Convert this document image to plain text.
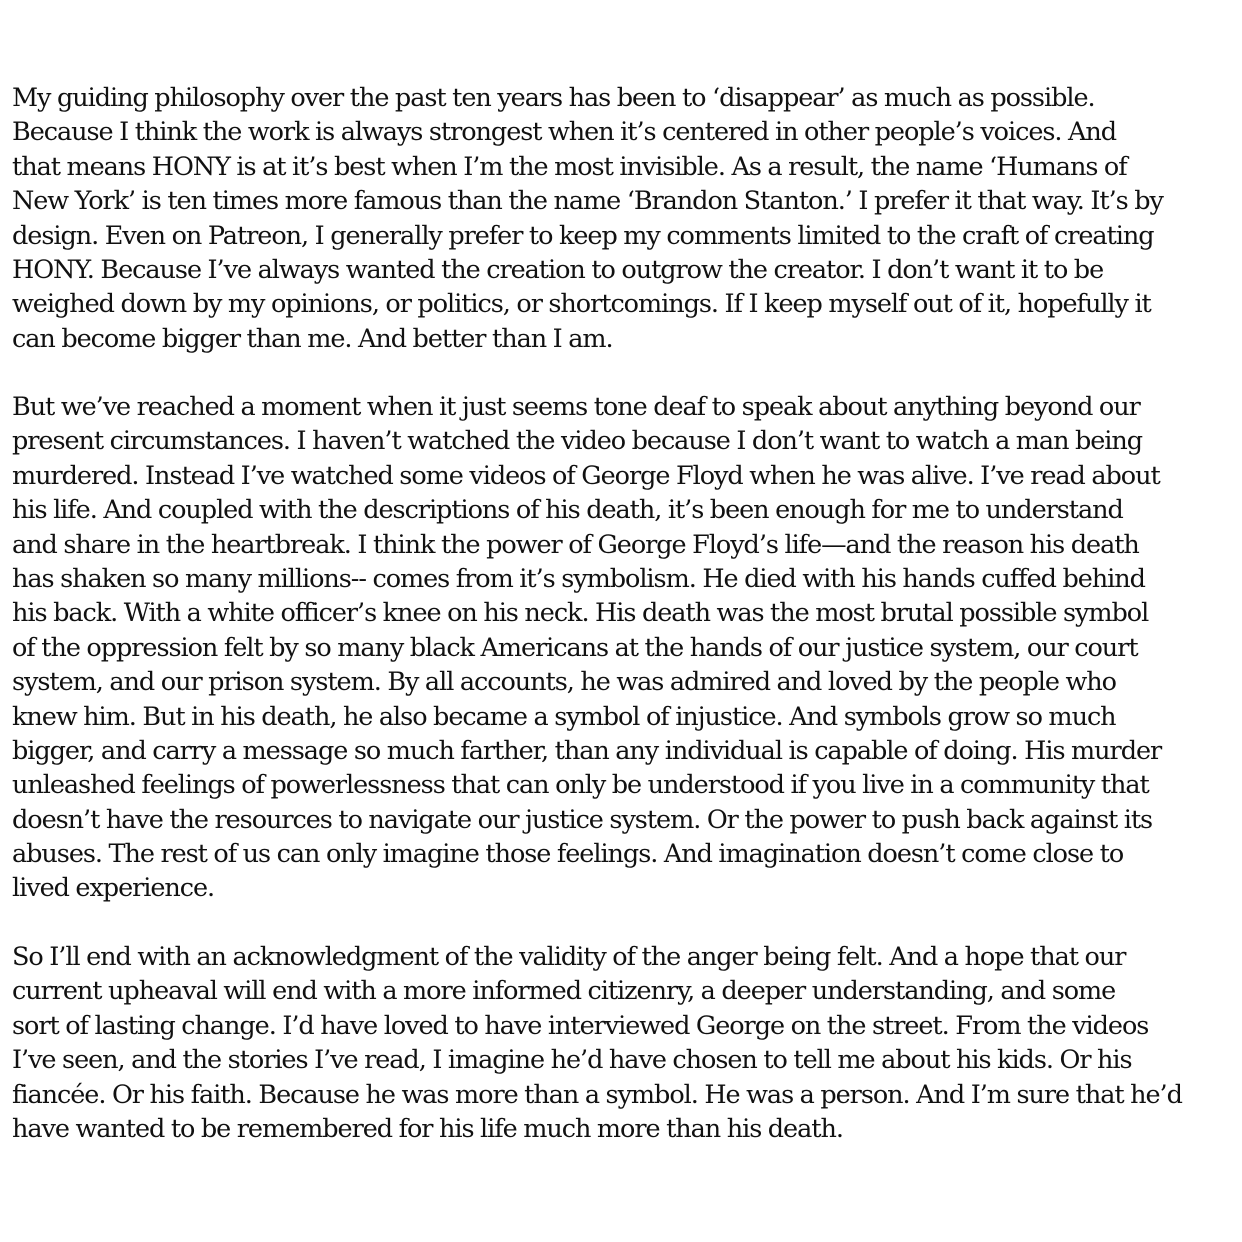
My guiding philosophy over the past ten years has been to ‘disappear’ as much as possible.
Because I think the work is always strongest when it’s centered in other people’s voices. And
that means HONY is at it’s best when I’m the most invisible. As a result, the name ‘Humans of
New York’ is ten times more famous than the name ‘Brandon Stanton.’ I prefer it that way. It’s by
design. Even on Patreon, I generally prefer to keep my comments limited to the craft of creating
HONY. Because I’ve always wanted the creation to outgrow the creator. I don’t want it to be
weighed down by my opinions, or politics, or shortcomings. If I keep myself out of it, hopefully it
can become bigger than me. And better than I am.
But we’ve reached a moment when it just seems tone deaf to speak about anything beyond our
present circumstances. I haven’t watched the video because I don’t want to watch a man being
murdered. Instead I’ve watched some videos of George Floyd when he was alive. I’ve read about
his life. And coupled with the descriptions of his death, it’s been enough for me to understand
and share in the heartbreak. I think the power of George Floyd’s life—and the reason his death
has shaken so many millions-- comes from it’s symbolism. He died with his hands cuffed behind
his back. With a white officer’s knee on his neck. His death was the most brutal possible symbol
of the oppression felt by so many black Americans at the hands of our justice system, our court
system, and our prison system. By all accounts, he was admired and loved by the people who
knew him. But in his death, he also became a symbol of injustice. And symbols grow so much
bigger, and carry a message so much farther, than any individual is capable of doing. His murder
unleashed feelings of powerlessness that can only be understood if you live in a community that
doesn’t have the resources to navigate our justice system. Or the power to push back against its
abuses. The rest of us can only imagine those feelings. And imagination doesn’t come close to
lived experience.
So I’ll end with an acknowledgment of the validity of the anger being felt. And a hope that our
current upheaval will end with a more informed citizenry, a deeper understanding, and some
sort of lasting change. I’d have loved to have interviewed George on the street. From the videos
I’ve seen, and the stories I’ve read, I imagine he’d have chosen to tell me about his kids. Or his
fiancée. Or his faith. Because he was more than a symbol. He was a person. And I’m sure that he’d
have wanted to be remembered for his life much more than his death.
